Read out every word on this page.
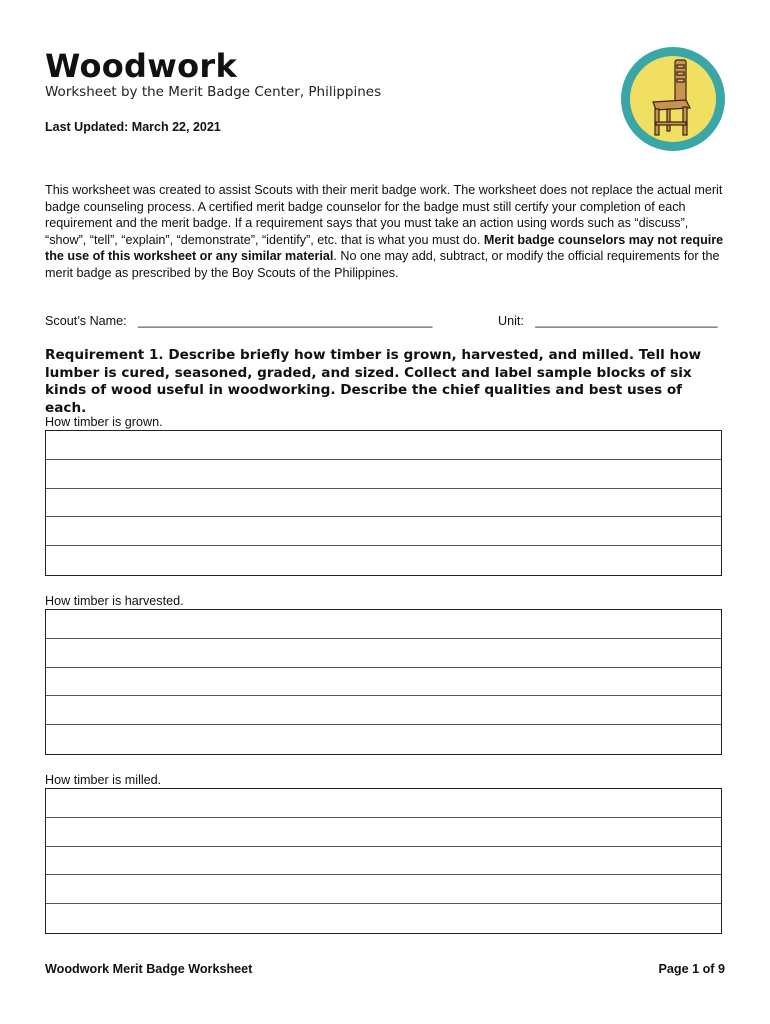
Woodwork
Worksheet by the Merit Badge Center, Philippines
Last Updated: March 22, 2021
This worksheet was created to assist Scouts with their merit badge work. The worksheet does not replace the actual merit badge counseling process. A certified merit badge counselor for the badge must still certify your completion of each requirement and the merit badge. If a requirement says that you must take an action using words such as “discuss”, “show”, “tell”, “explain”, “demonstrate”, “identify”, etc. that is what you must do. Merit badge counselors may not require the use of this worksheet or any similar material. No one may add, subtract, or modify the official requirements for the merit badge as prescribed by the Boy Scouts of the Philippines.
Scout’s Name: __________________________________________	Unit: __________________________
Requirement 1. Describe briefly how timber is grown, harvested, and milled. Tell how lumber is cured, seasoned, graded, and sized. Collect and label sample blocks of six kinds of wood useful in woodworking. Describe the chief qualities and best uses of each.
How timber is grown.
How timber is harvested.
How timber is milled.
Woodwork Merit Badge Worksheet	Page 1 of 9
